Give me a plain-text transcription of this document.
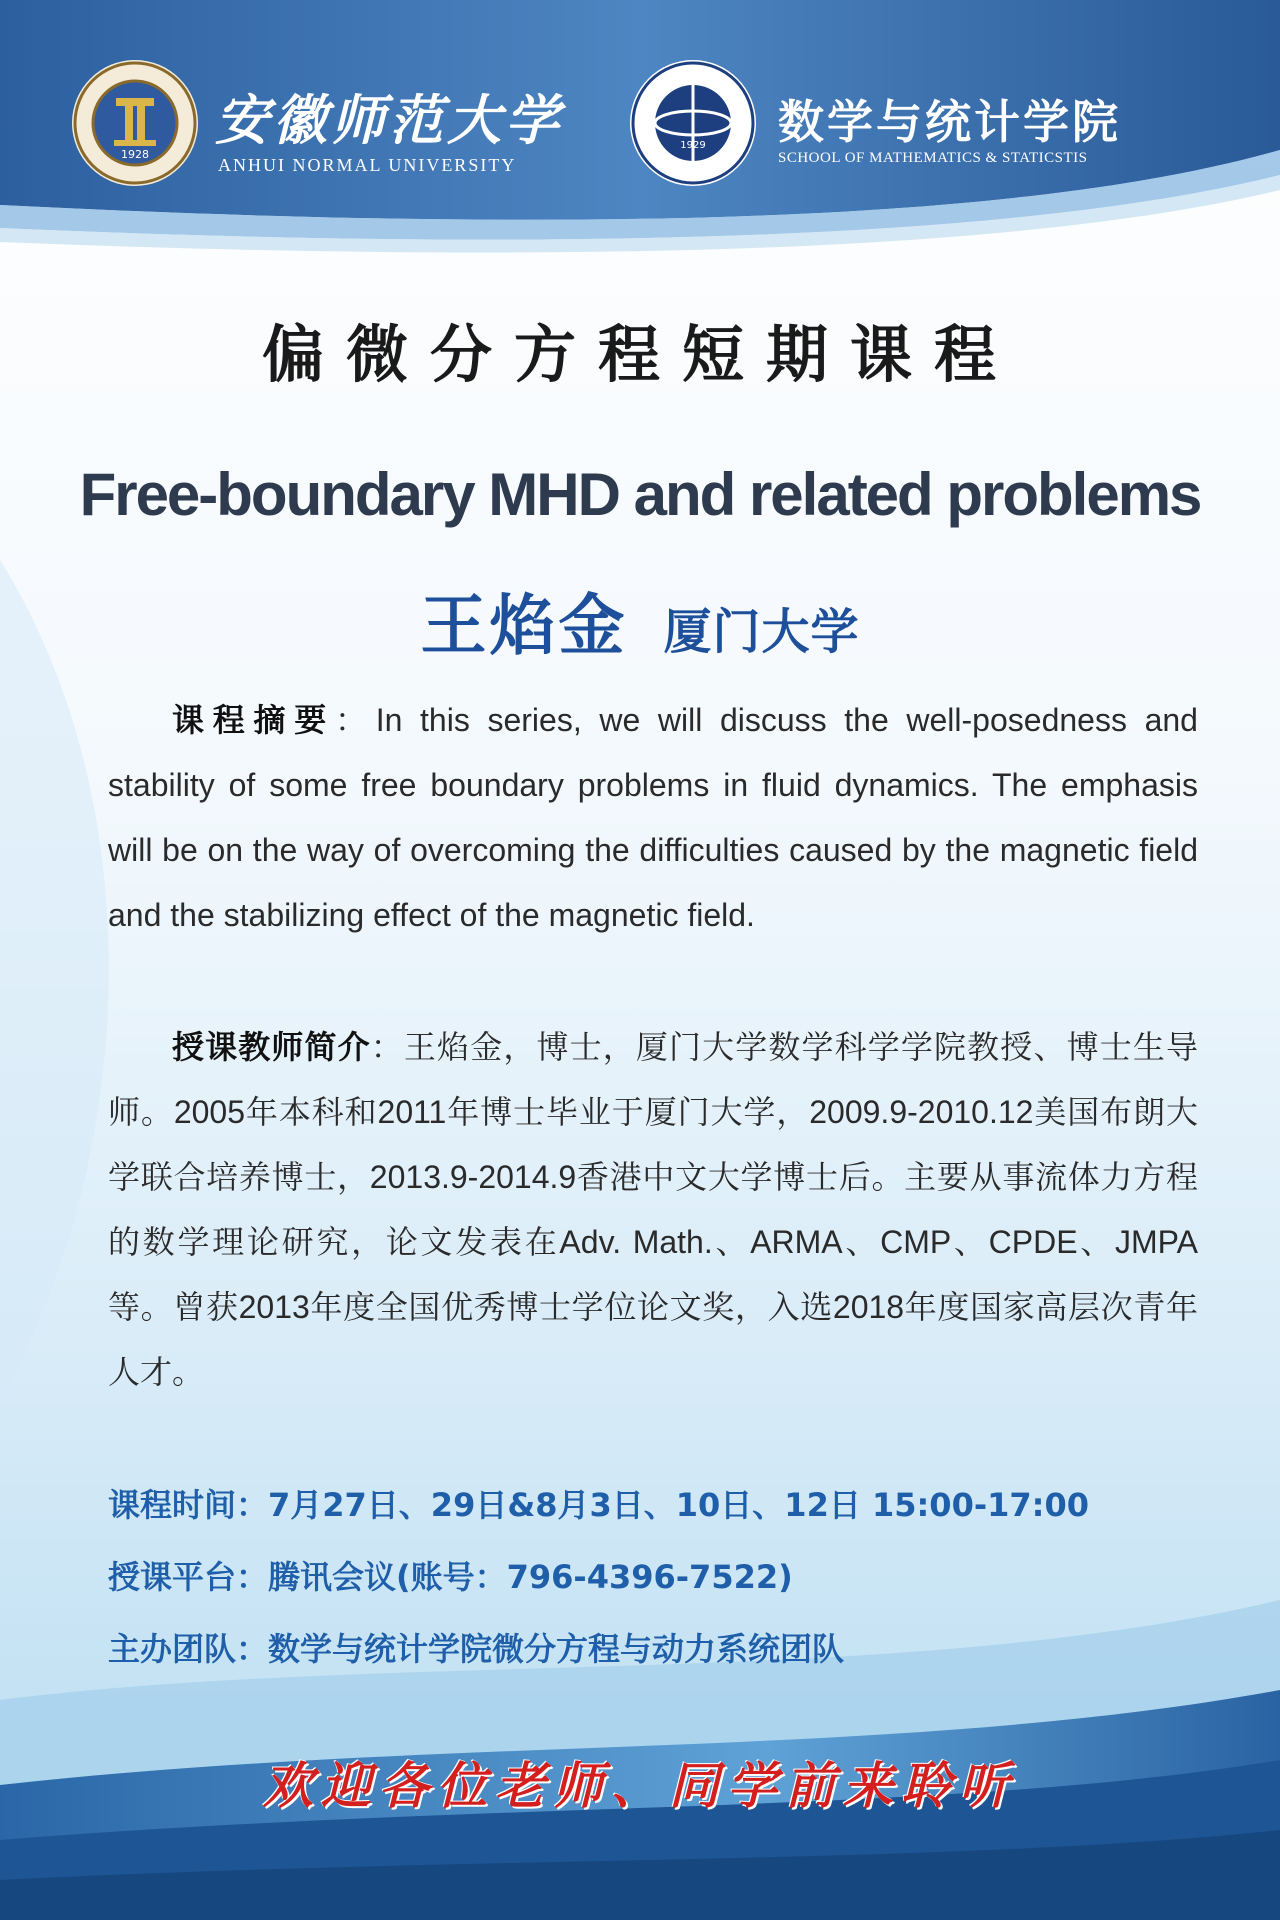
1928
安徽师范大学
ANHUI NORMAL UNIVERSITY
1929 数学与统计学院
SCHOOL OF MATHEMATICS & STATICSTIS
偏微分方程短期课程
Free-boundary MHD and related problems
王焰金 厦门大学

课程摘要：In this series, we will discuss the well-posedness and stability of some free boundary problems in fluid dynamics. The emphasis will be on the way of overcoming the difficulties caused by the magnetic field and the stabilizing effect of the magnetic field.

授课教师简介：王焰金，博士，厦门大学数学科学学院教授、博士生导师。2005年本科和2011年博士毕业于厦门大学，2009.9-2010.12美国布朗大学联合培养博士，2013.9-2014.9香港中文大学博士后。主要从事流体力方程的数学理论研究，论文发表在Adv. Math.、ARMA、CMP、CPDE、JMPA等。曾获2013年度全国优秀博士学位论文奖，入选2018年度国家高层次青年人才。

课程时间：7月27日、29日&8月3日、10日、12日 15:00-17:00
授课平台：腾讯会议(账号：796-4396-7522)
主办团队：数学与统计学院微分方程与动力系统团队
欢迎各位老师、同学前来聆听
